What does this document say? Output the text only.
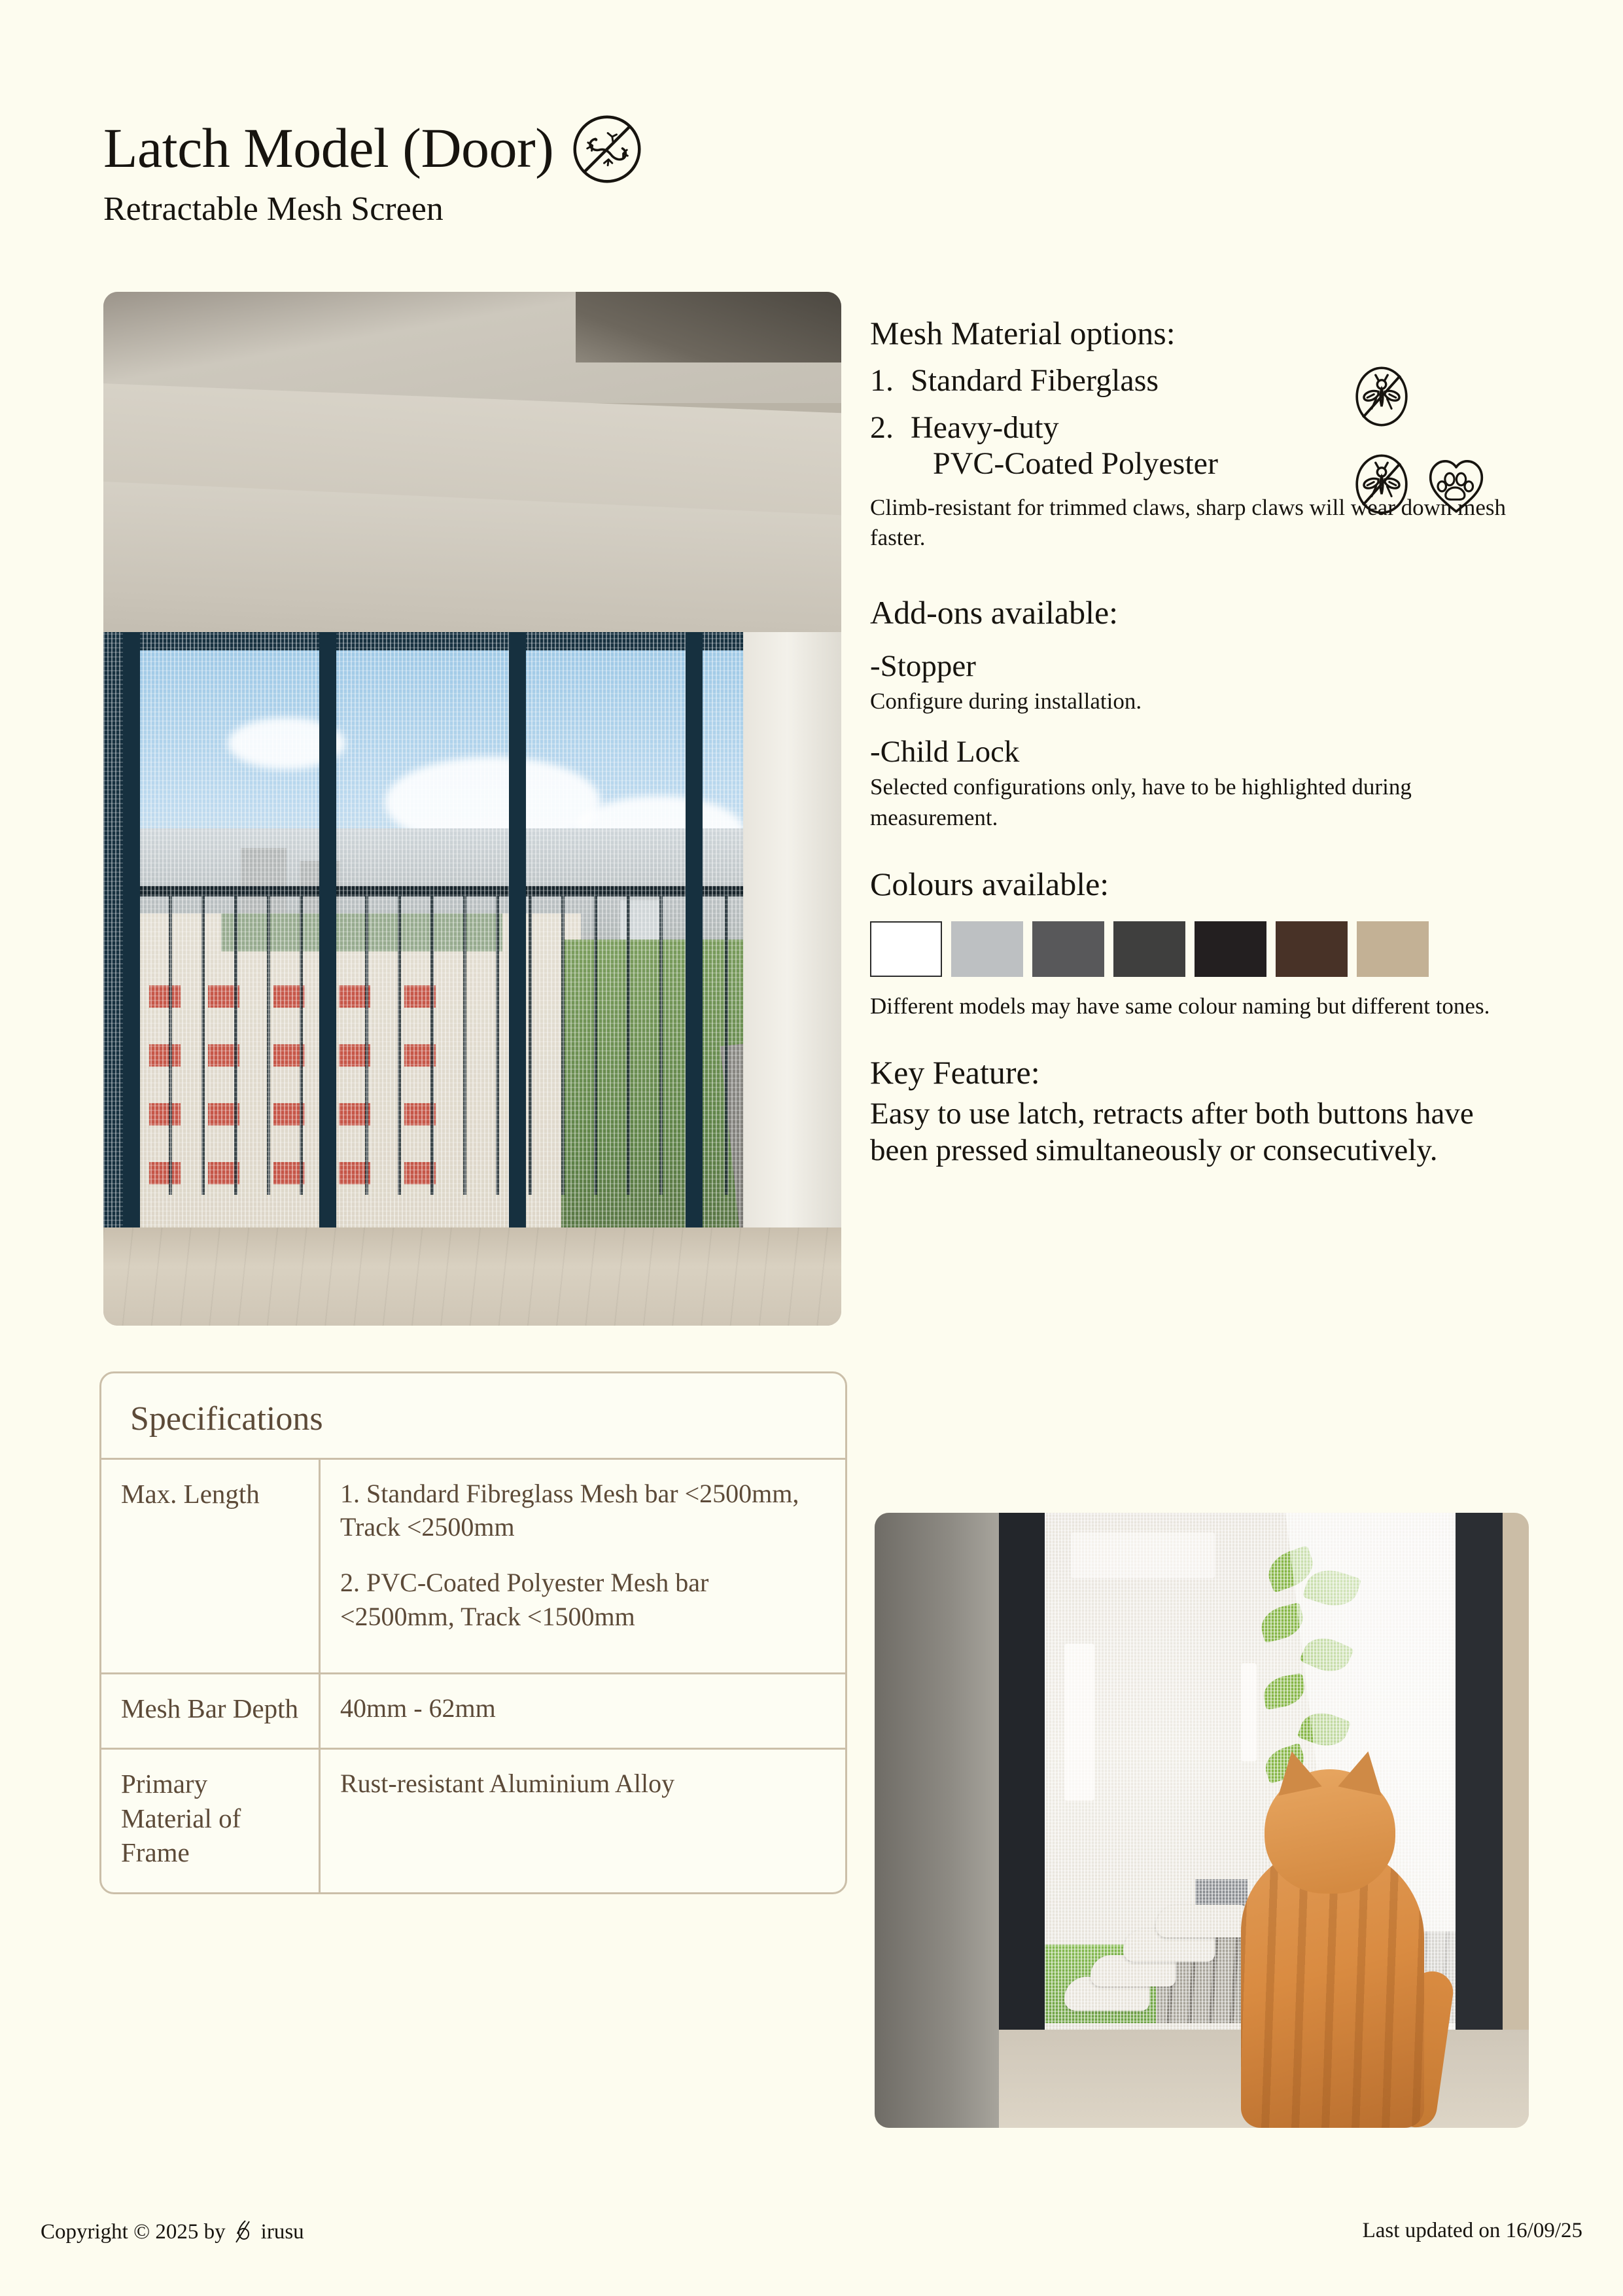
Latch Model (Door)
Retractable Mesh Screen
Mesh Material options:
1. Standard Fiberglass
2. Heavy-duty
PVC-Coated Polyester
Climb-resistant for trimmed claws, sharp claws will wear down mesh faster.
Add-ons available:
-Stopper
Configure during installation.
-Child Lock
Selected configurations only, have to be highlighted during measurement.
Colours available:
Different models may have same colour naming but different tones.
Key Feature:
Easy to use latch, retracts after both buttons have been pressed simultaneously or consecutively.
Specifications
Max. Length	1. Standard Fibreglass Mesh bar <2500mm, Track <2500mm

2. PVC-Coated Polyester Mesh bar <2500mm, Track <1500mm

Mesh Bar Depth	40mm - 62mm
Primary Material of Frame	Rust-resistant Aluminium Alloy
Copyright © 2025 by irusu	Last updated on 16/09/25
